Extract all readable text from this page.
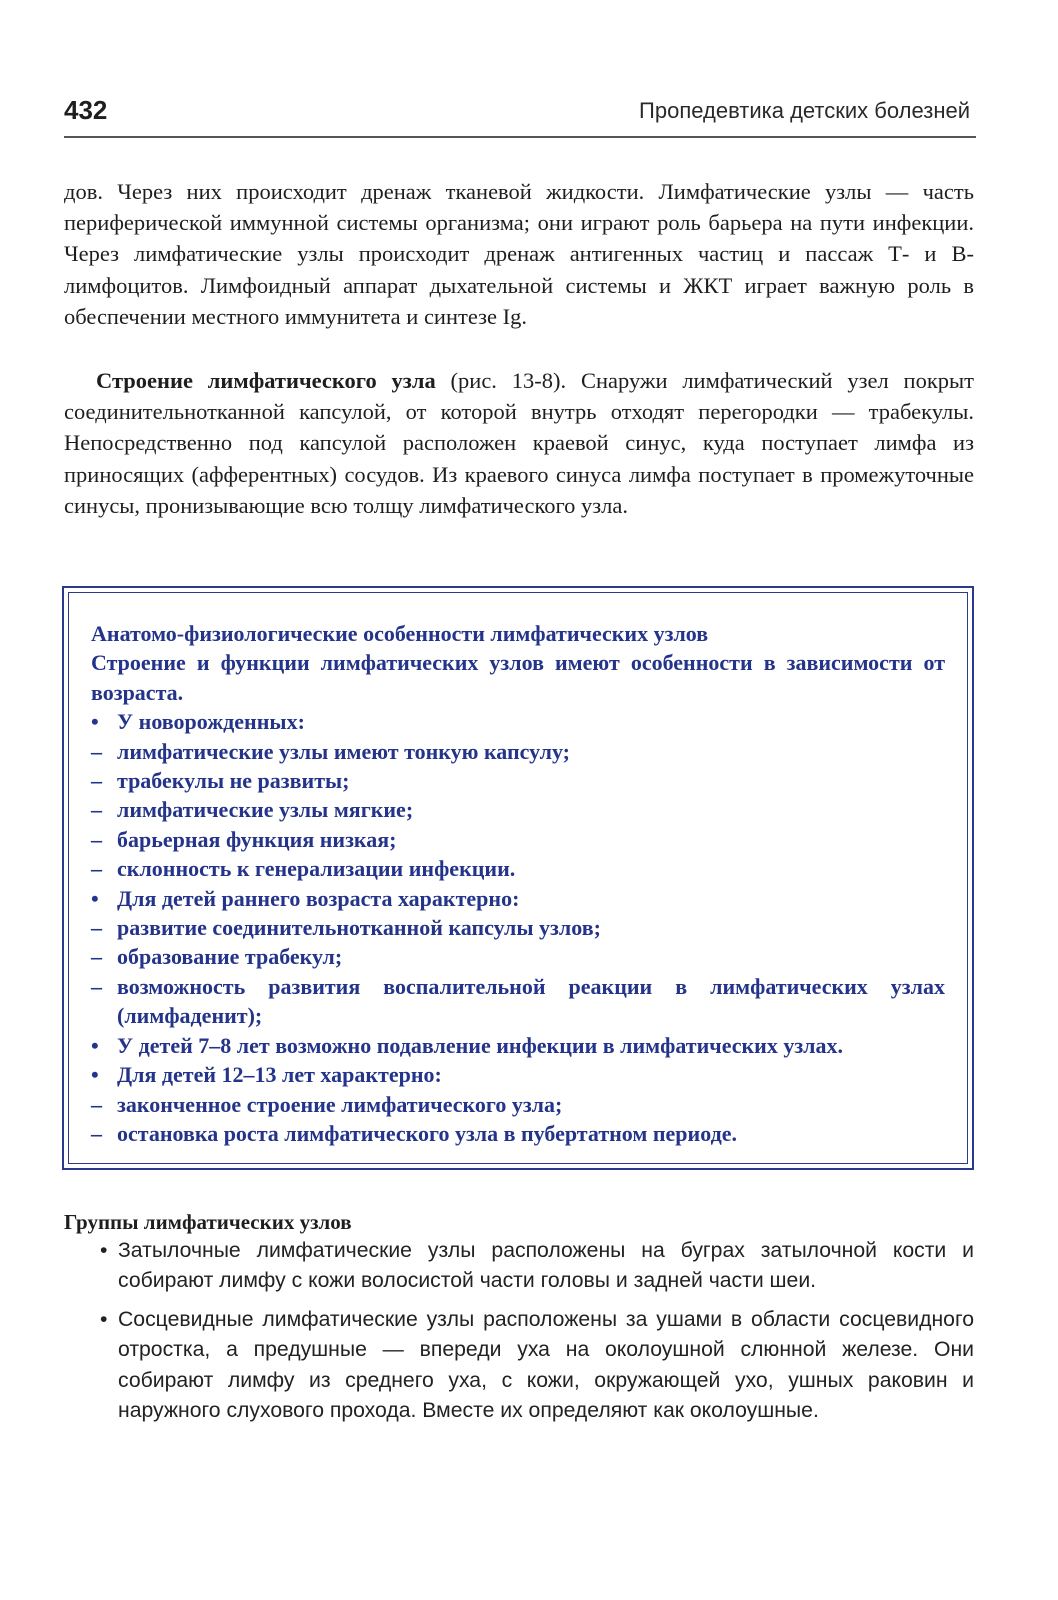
432	Пропедевтика детских болезней

дов. Через них происходит дренаж тканевой жидкости. Лимфатические узлы — часть периферической иммунной системы организма; они играют роль барьера на пути инфекции. Через лимфатические узлы происходит дренаж антигенных частиц и пассаж Т- и В-лимфоцитов. Лимфоидный аппарат дыхательной системы и ЖКТ играет важную роль в обеспечении местного иммунитета и синтезе Ig.

Строение лимфатического узла (рис. 13-8). Снаружи лимфатический узел покрыт соединительнотканной капсулой, от которой внутрь отходят перегородки — трабекулы. Непосредственно под капсулой расположен краевой синус, куда поступает лимфа из приносящих (афферентных) сосудов. Из краевого синуса лимфа поступает в промежуточные синусы, пронизывающие всю толщу лимфатического узла.

Анатомо-физиологические особенности лимфатических узлов

Строение и функции лимфатических узлов имеют особенности в зависимости от возраста.

• У новорожденных:

– лимфатические узлы имеют тонкую капсулу;

– трабекулы не развиты;

– лимфатические узлы мягкие;

– барьерная функция низкая;

– склонность к генерализации инфекции.

• Для детей раннего возраста характерно:

– развитие соединительнотканной капсулы узлов;

– образование трабекул;

– возможность развития воспалительной реакции в лимфатических узлах (лимфаденит);

• У детей 7–8 лет возможно подавление инфекции в лимфатических узлах.

• Для детей 12–13 лет характерно:

– законченное строение лимфатического узла;

– остановка роста лимфатического узла в пубертатном периоде.

Группы лимфатических узлов

• Затылочные лимфатические узлы расположены на буграх затылочной кости и собирают лимфу с кожи волосистой части головы и задней части шеи.
• Сосцевидные лимфатические узлы расположены за ушами в области сосцевидного отростка, а предушные — впереди уха на околоушной слюнной железе. Они собирают лимфу из среднего уха, с кожи, окружающей ухо, ушных раковин и наружного слухового прохода. Вместе их определяют как околоушные.
